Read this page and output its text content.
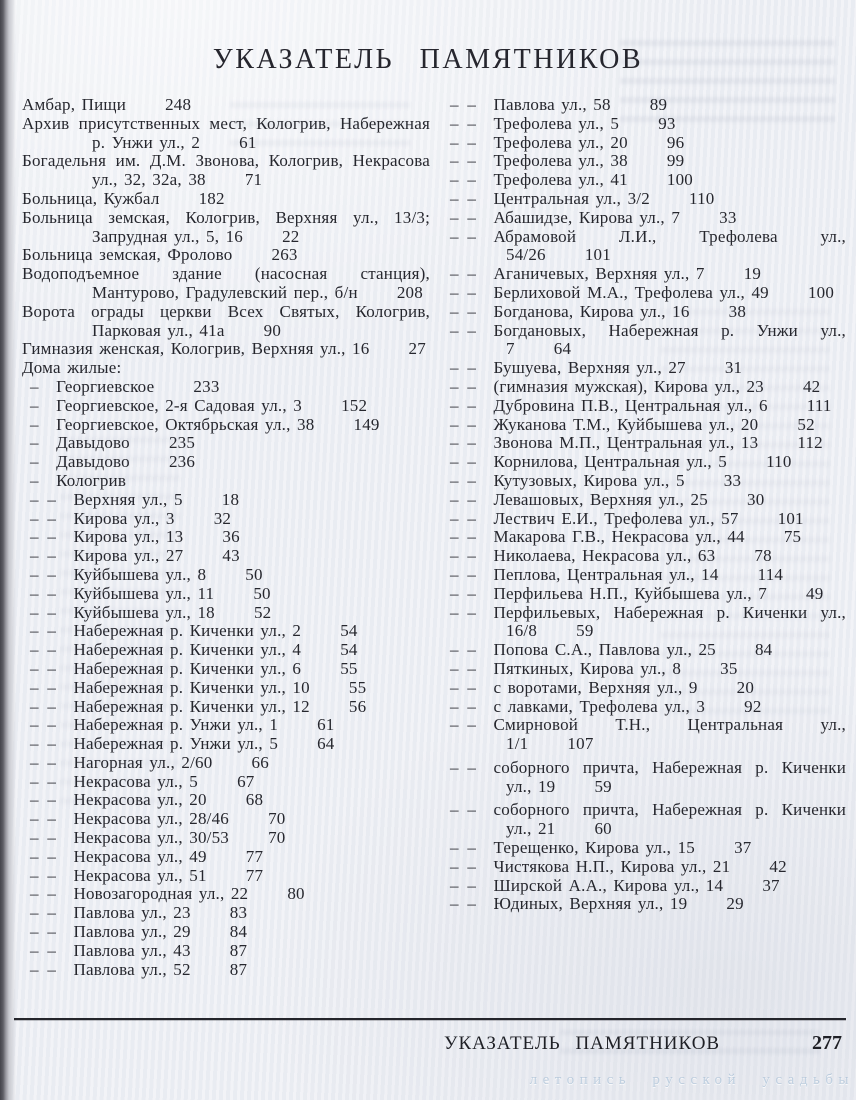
УКАЗАТЕЛЬ ПАМЯТНИКОВ
Амбар, Пищи 248
Архив присутственных мест, Кологрив, Набережная р. Унжи ул., 2 61
Богадельня им. Д.М. Звонова, Кологрив, Некрасова ул., 32, 32а, 38 71
Больница, Кужбал 182
Больница земская, Кологрив, Верхняя ул., 13/3; Запрудная ул., 5, 16 22
Больница земская, Фролово 263
Водоподъемное здание (насосная станция), Мантурово, Градулевский пер., б/н 208
Ворота ограды церкви Всех Святых, Кологрив, Парковая ул., 41а 90
Гимназия женская, Кологрив, Верхняя ул., 16 27
Дома жилые:
–  Георгиевское 233
–  Георгиевское, 2-я Садовая ул., 3 152
–  Георгиевское, Октябрьская ул., 38 149
–  Давыдово 235
–  Давыдово 236
–  Кологрив
– –  Верхняя ул., 5 18
– –  Кирова ул., 3 32
– –  Кирова ул., 13 36
– –  Кирова ул., 27 43
– –  Куйбышева ул., 8 50
– –  Куйбышева ул., 11 50
– –  Куйбышева ул., 18 52
– –  Набережная р. Киченки ул., 2 54
– –  Набережная р. Киченки ул., 4 54
– –  Набережная р. Киченки ул., 6 55
– –  Набережная р. Киченки ул., 10 55
– –  Набережная р. Киченки ул., 12 56
– –  Набережная р. Унжи ул., 1 61
– –  Набережная р. Унжи ул., 5 64
– –  Нагорная ул., 2/60 66
– –  Некрасова ул., 5 67
– –  Некрасова ул., 20 68
– –  Некрасова ул., 28/46 70
– –  Некрасова ул., 30/53 70
– –  Некрасова ул., 49 77
– –  Некрасова ул., 51 77
– –  Новозагородная ул., 22 80
– –  Павлова ул., 23 83
– –  Павлова ул., 29 84
– –  Павлова ул., 43 87
– –  Павлова ул., 52 87
– –  Павлова ул., 58 89
– –  Трефолева ул., 5 93
– –  Трефолева ул., 20 96
– –  Трефолева ул., 38 99
– –  Трефолева ул., 41 100
– –  Центральная ул., 3/2 110
– –  Абашидзе, Кирова ул., 7 33
– –  Абрамовой Л.И., Трефолева ул., 54/26 101
– –  Аганичевых, Верхняя ул., 7 19
– –  Берлиховой М.А., Трефолева ул., 49 100
– –  Богданова, Кирова ул., 16 38
– –  Богдановых, Набережная р. Унжи ул., 7 64
– –  Бушуева, Верхняя ул., 27 31
– –  (гимназия мужская), Кирова ул., 23 42
– –  Дубровина П.В., Центральная ул., 6 111
– –  Жуканова Т.М., Куйбышева ул., 20 52
– –  Звонова М.П., Центральная ул., 13 112
– –  Корнилова, Центральная ул., 5 110
– –  Кутузовых, Кирова ул., 5 33
– –  Левашовых, Верхняя ул., 25 30
– –  Лествич Е.И., Трефолева ул., 57 101
– –  Макарова Г.В., Некрасова ул., 44 75
– –  Николаева, Некрасова ул., 63 78
– –  Пеплова, Центральная ул., 14 114
– –  Перфильева Н.П., Куйбышева ул., 7 49
– –  Перфильевых, Набережная р. Киченки ул., 16/8 59
– –  Попова С.А., Павлова ул., 25 84
– –  Пяткиных, Кирова ул., 8 35
– –  с воротами, Верхняя ул., 9 20
– –  с лавками, Трефолева ул., 3 92
– –  Смирновой Т.Н., Центральная ул., 1/1 107
– –  соборного причта, Набережная р. Киченки ул., 19 59
– –  соборного причта, Набережная р. Киченки ул., 21 60
– –  Терещенко, Кирова ул., 15 37
– –  Чистякова Н.П., Кирова ул., 21 42
– –  Ширской А.А., Кирова ул., 14 37
– –  Юдиных, Верхняя ул., 19 29
УКАЗАТЕЛЬ ПАМЯТНИКОВ	277
летопись русской усадьбы
